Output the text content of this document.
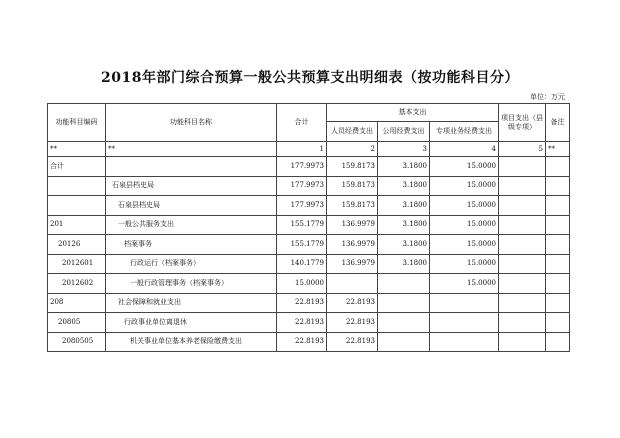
2018年部门综合预算一般公共预算支出明细表（按功能科目分）
单位：万元
功能科目编码	功能科目名称	合计	基本支出			项目支出（县级专项）	备注
			人员经费支出	公用经费支出	专项业务经费支出		
**	**	1	2	3	4	5	**
合计		177.9973	159.8173	3.1800	15.0000		
	石泉县档史局	177.9973	159.8173	3.1800	15.0000		
	石泉县档史局	177.9973	159.8173	3.1800	15.0000		
201	一般公共服务支出	155.1779	136.9979	3.1800	15.0000		
20126	档案事务	155.1779	136.9979	3.1800	15.0000		
2012601	行政运行（档案事务）	140.1779	136.9979	3.1800	15.0000		
2012602	一般行政管理事务（档案事务）	15.0000			15.0000		
208	社会保障和就业支出	22.8193	22.8193				
20805	行政事业单位离退休	22.8193	22.8193				
2080505	机关事业单位基本养老保险缴费支出	22.8193	22.8193				
